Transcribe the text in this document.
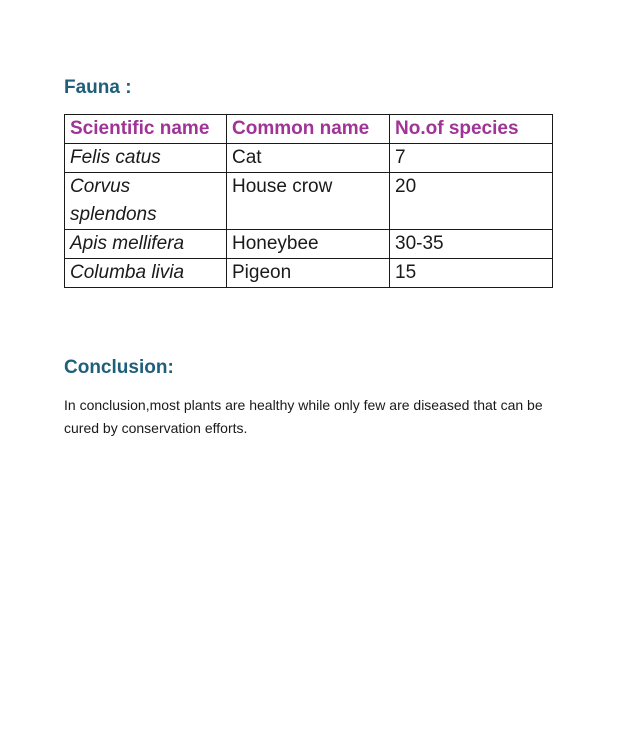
Fauna :
Scientific name	Common name	No.of species
Felis catus	Cat	7
Corvus splendons	House crow	20
Apis mellifera	Honeybee	30-35
Columba livia	Pigeon	15
Conclusion:

In conclusion,most plants are healthy while only few are diseased that can be cured by conservation efforts.
